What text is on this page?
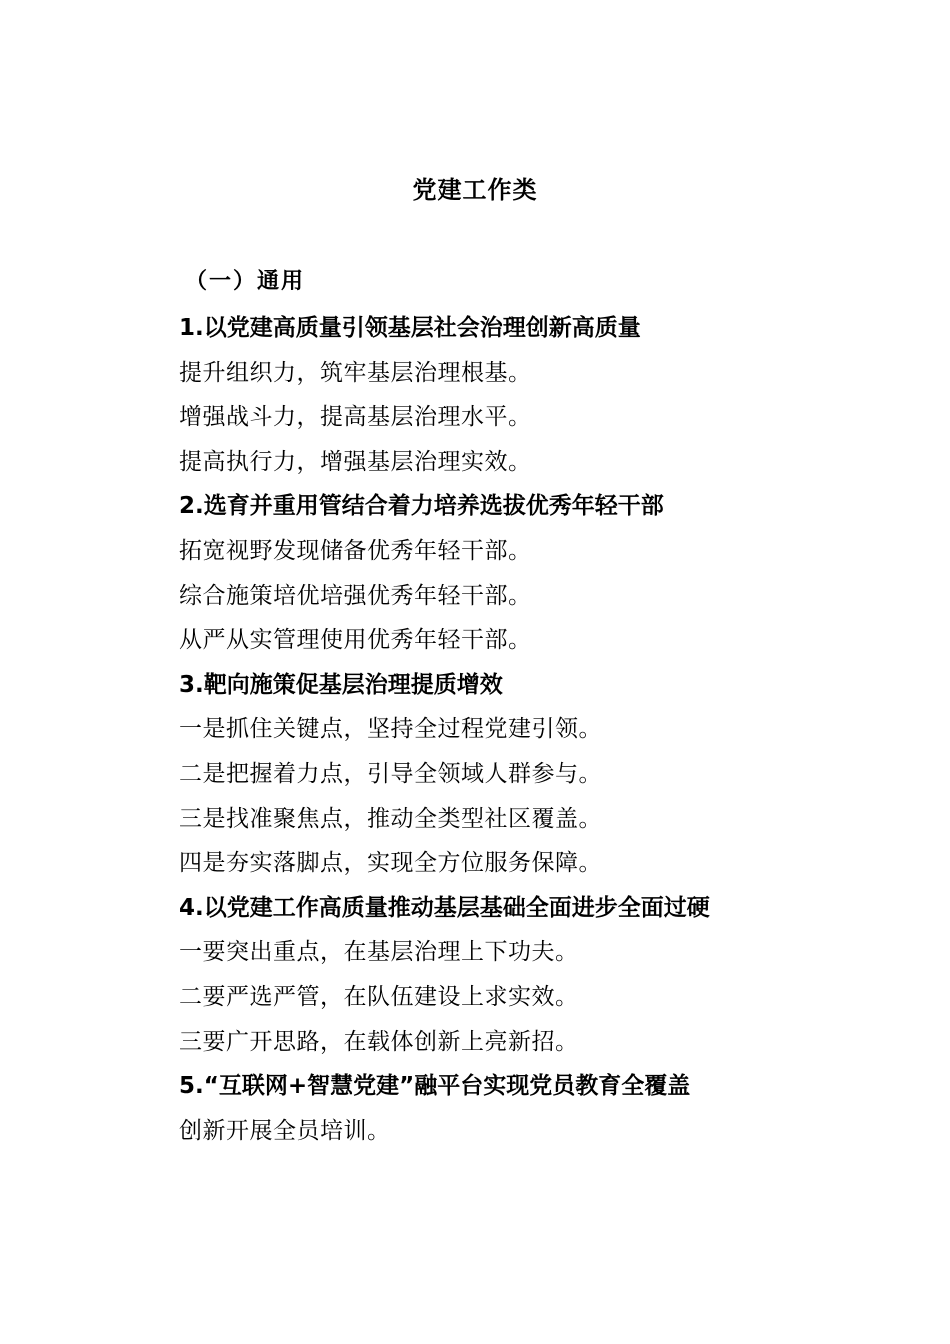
党建工作类
（一）通用
1.以党建高质量引领基层社会治理创新高质量
提升组织力，筑牢基层治理根基。
增强战斗力，提高基层治理水平。
提高执行力，增强基层治理实效。
2.选育并重用管结合着力培养选拔优秀年轻干部
拓宽视野发现储备优秀年轻干部。
综合施策培优培强优秀年轻干部。
从严从实管理使用优秀年轻干部。
3.靶向施策促基层治理提质增效
一是抓住关键点，坚持全过程党建引领。
二是把握着力点，引导全领域人群参与。
三是找准聚焦点，推动全类型社区覆盖。
四是夯实落脚点，实现全方位服务保障。
4.以党建工作高质量推动基层基础全面进步全面过硬
一要突出重点，在基层治理上下功夫。
二要严选严管，在队伍建设上求实效。
三要广开思路，在载体创新上亮新招。
5.“互联网+智慧党建”融平台实现党员教育全覆盖
创新开展全员培训。
